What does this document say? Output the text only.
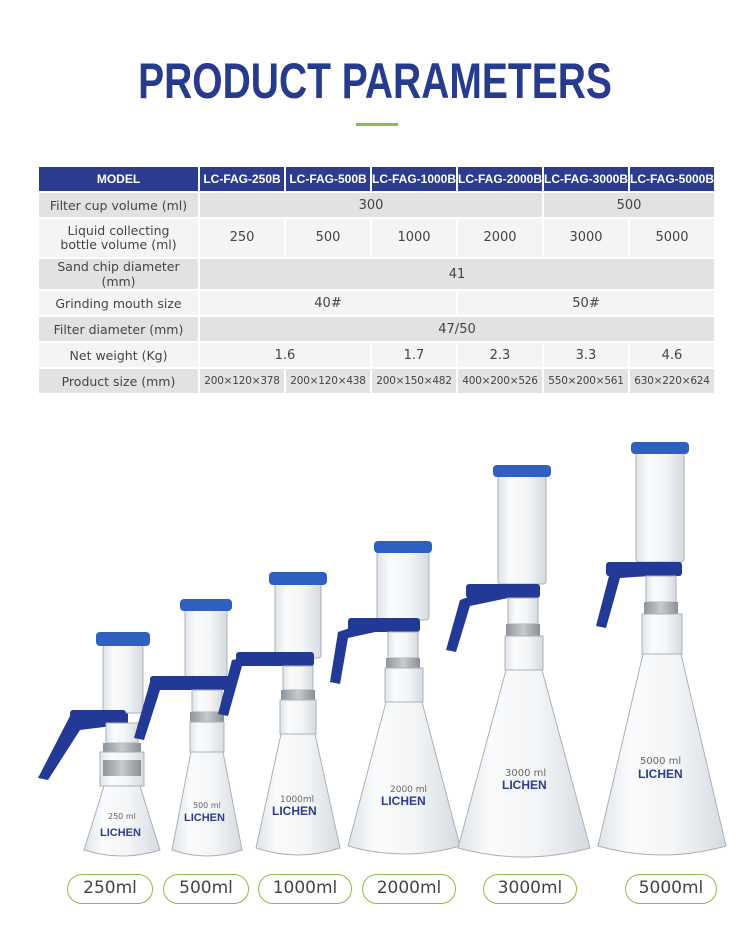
PRODUCT PARAMETERS
MODEL	LC-FAG-250B	LC-FAG-500B	LC-FAG-1000B	LC-FAG-2000B	LC-FAG-3000B	LC-FAG-5000B
Filter cup volume (ml)	300				500	

Liquid collecting
bottle volume (ml)	250	500	1000	2000	3000	5000
Sand chip diameter (mm)	41					
Grinding mouth size	40#			50#		
Filter diameter (mm)	47/50					
Net weight (Kg)	1.6		1.7	2.3	3.3	4.6
Product size (mm)	200×120×378	200×120×438	200×150×482	400×200×526	550×200×561	630×220×624
250 ml
LICHEN
500 ml
LICHEN
1000ml
LICHEN
2000 ml
LICHEN
3000 ml
LICHEN
5000 ml
LICHEN
250ml	500ml	1000ml	2000ml	3000ml	5000ml
